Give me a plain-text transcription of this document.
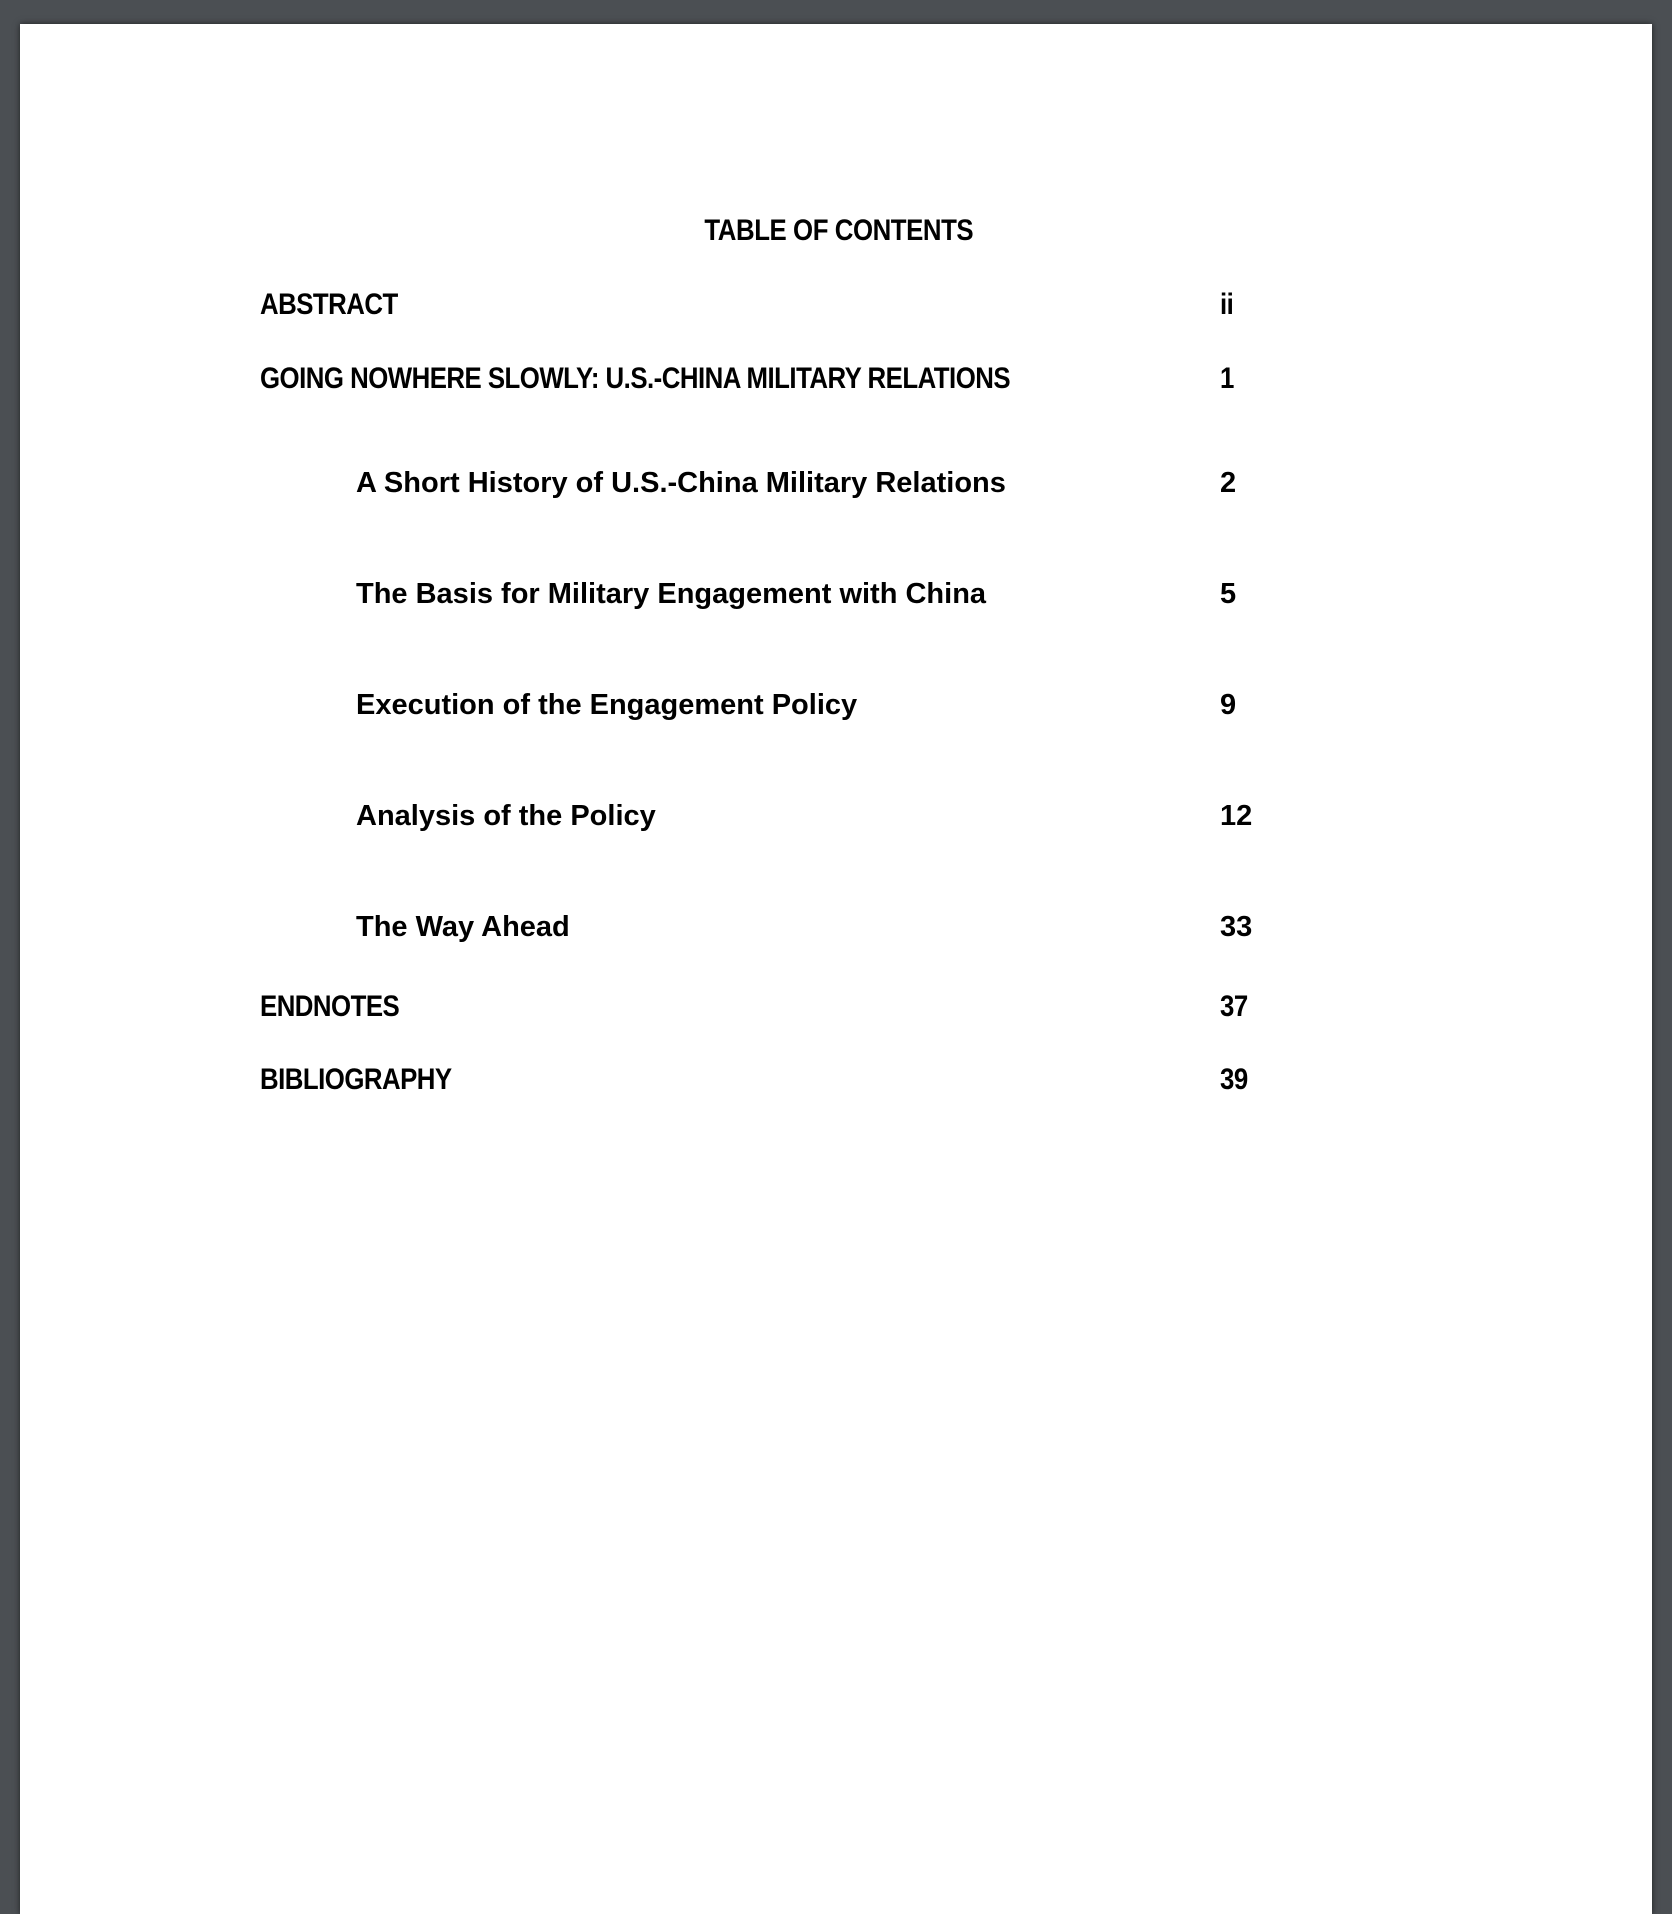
TABLE OF CONTENTS
ABSTRACT	ii
GOING NOWHERE SLOWLY: U.S.-CHINA MILITARY RELATIONS	1
A Short History of U.S.-China Military Relations	2
The Basis for Military Engagement with China	5
Execution of the Engagement Policy	9
Analysis of the Policy	12
The Way Ahead	33
ENDNOTES	37
BIBLIOGRAPHY	39
